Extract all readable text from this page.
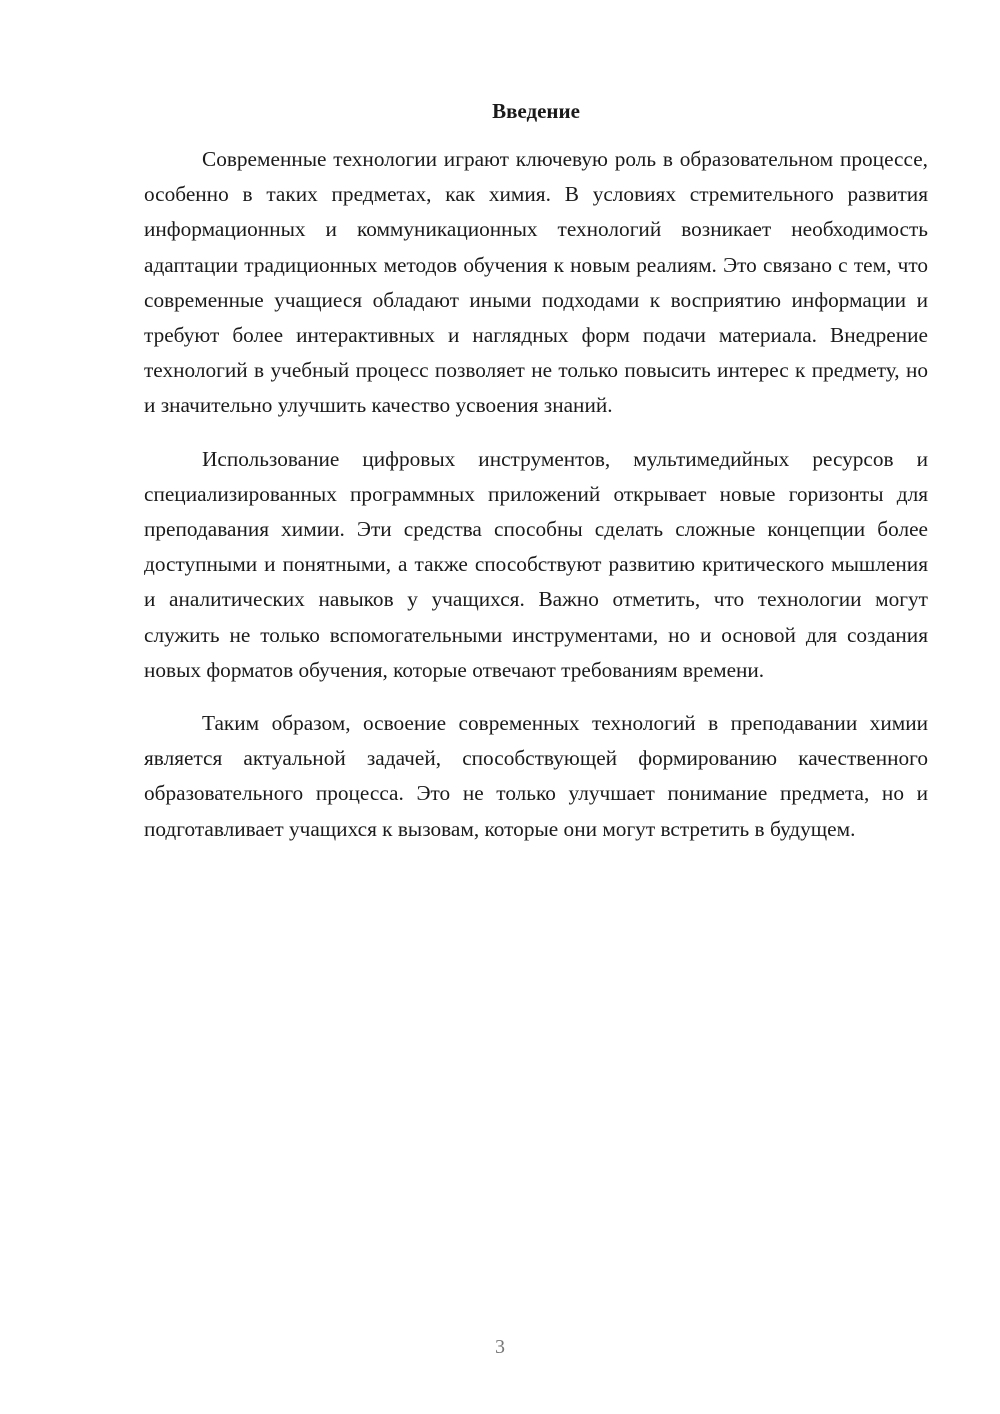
Введение

Современные технологии играют ключевую роль в образовательном процессе, особенно в таких предметах, как химия. В условиях стремительного развития информационных и коммуникационных технологий возникает необходимость адаптации традиционных методов обучения к новым реалиям. Это связано с тем, что современные учащиеся обладают иными подходами к восприятию информации и требуют более интерактивных и наглядных форм подачи материала. Внедрение технологий в учебный процесс позволяет не только повысить интерес к предмету, но и значительно улучшить качество усвоения знаний.

Использование цифровых инструментов, мультимедийных ресурсов и специализированных программных приложений открывает новые горизонты для преподавания химии. Эти средства способны сделать сложные концепции более доступными и понятными, а также способствуют развитию критического мышления и аналитических навыков у учащихся. Важно отметить, что технологии могут служить не только вспомогательными инструментами, но и основой для создания новых форматов обучения, которые отвечают требованиям времени.

Таким образом, освоение современных технологий в преподавании химии является актуальной задачей, способствующей формированию качественного образовательного процесса. Это не только улучшает понимание предмета, но и подготавливает учащихся к вызовам, которые они могут встретить в будущем.

3
